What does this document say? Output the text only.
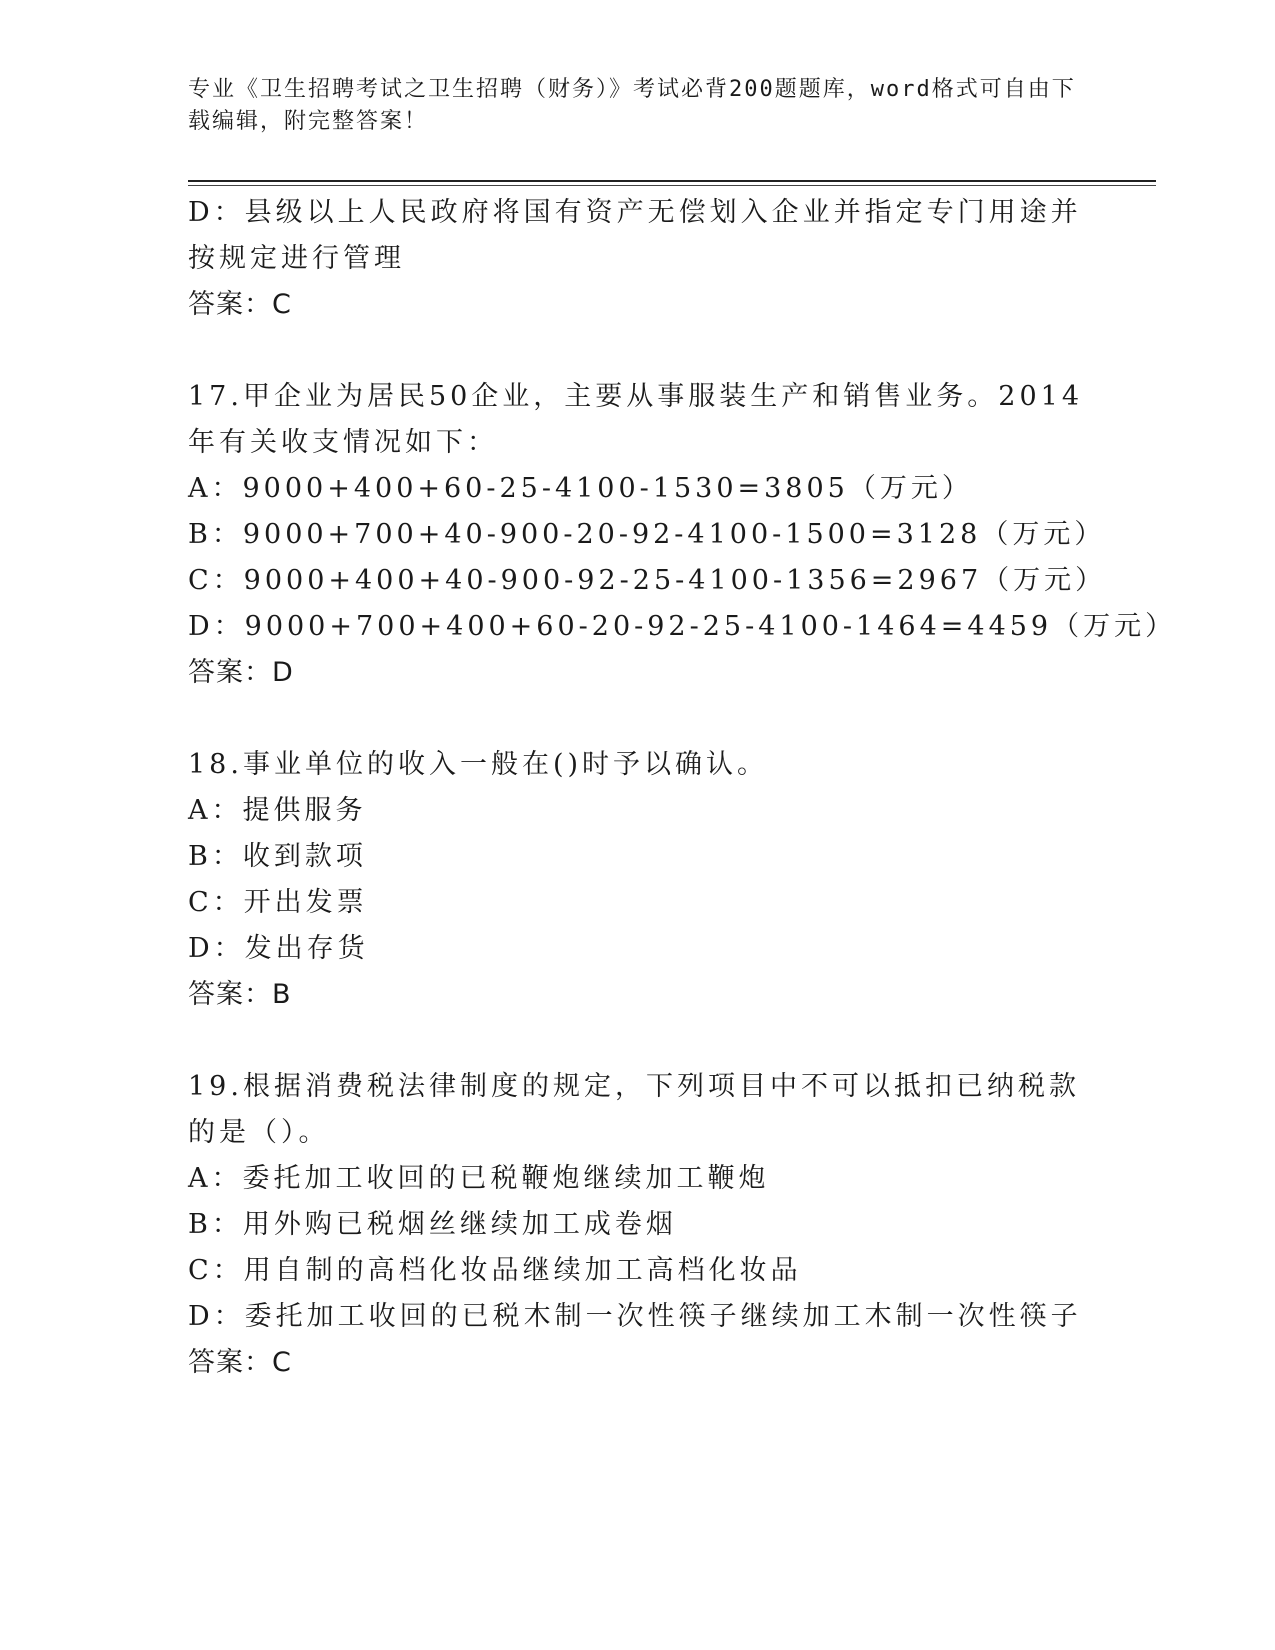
专业《卫生招聘考试之卫生招聘（财务）》考试必背200题题库，word格式可自由下载编辑，附完整答案！
D：县级以上人民政府将国有资产无偿划入企业并指定专门用途并按规定进行管理
答案：C
17.甲企业为居民50企业，主要从事服装生产和销售业务。2014年有关收支情况如下：
A：9000+400+60-25-4100-1530=3805（万元）
B：9000+700+40-900-20-92-4100-1500=3128（万元）
C：9000+400+40-900-92-25-4100-1356=2967（万元）
D：9000+700+400+60-20-92-25-4100-1464=4459（万元）
答案：D
18.事业单位的收入一般在()时予以确认。
A：提供服务
B：收到款项
C：开出发票
D：发出存货
答案：B
19.根据消费税法律制度的规定，下列项目中不可以抵扣已纳税款的是（）。
A：委托加工收回的已税鞭炮继续加工鞭炮
B：用外购已税烟丝继续加工成卷烟
C：用自制的高档化妆品继续加工高档化妆品
D：委托加工收回的已税木制一次性筷子继续加工木制一次性筷子
答案：C
